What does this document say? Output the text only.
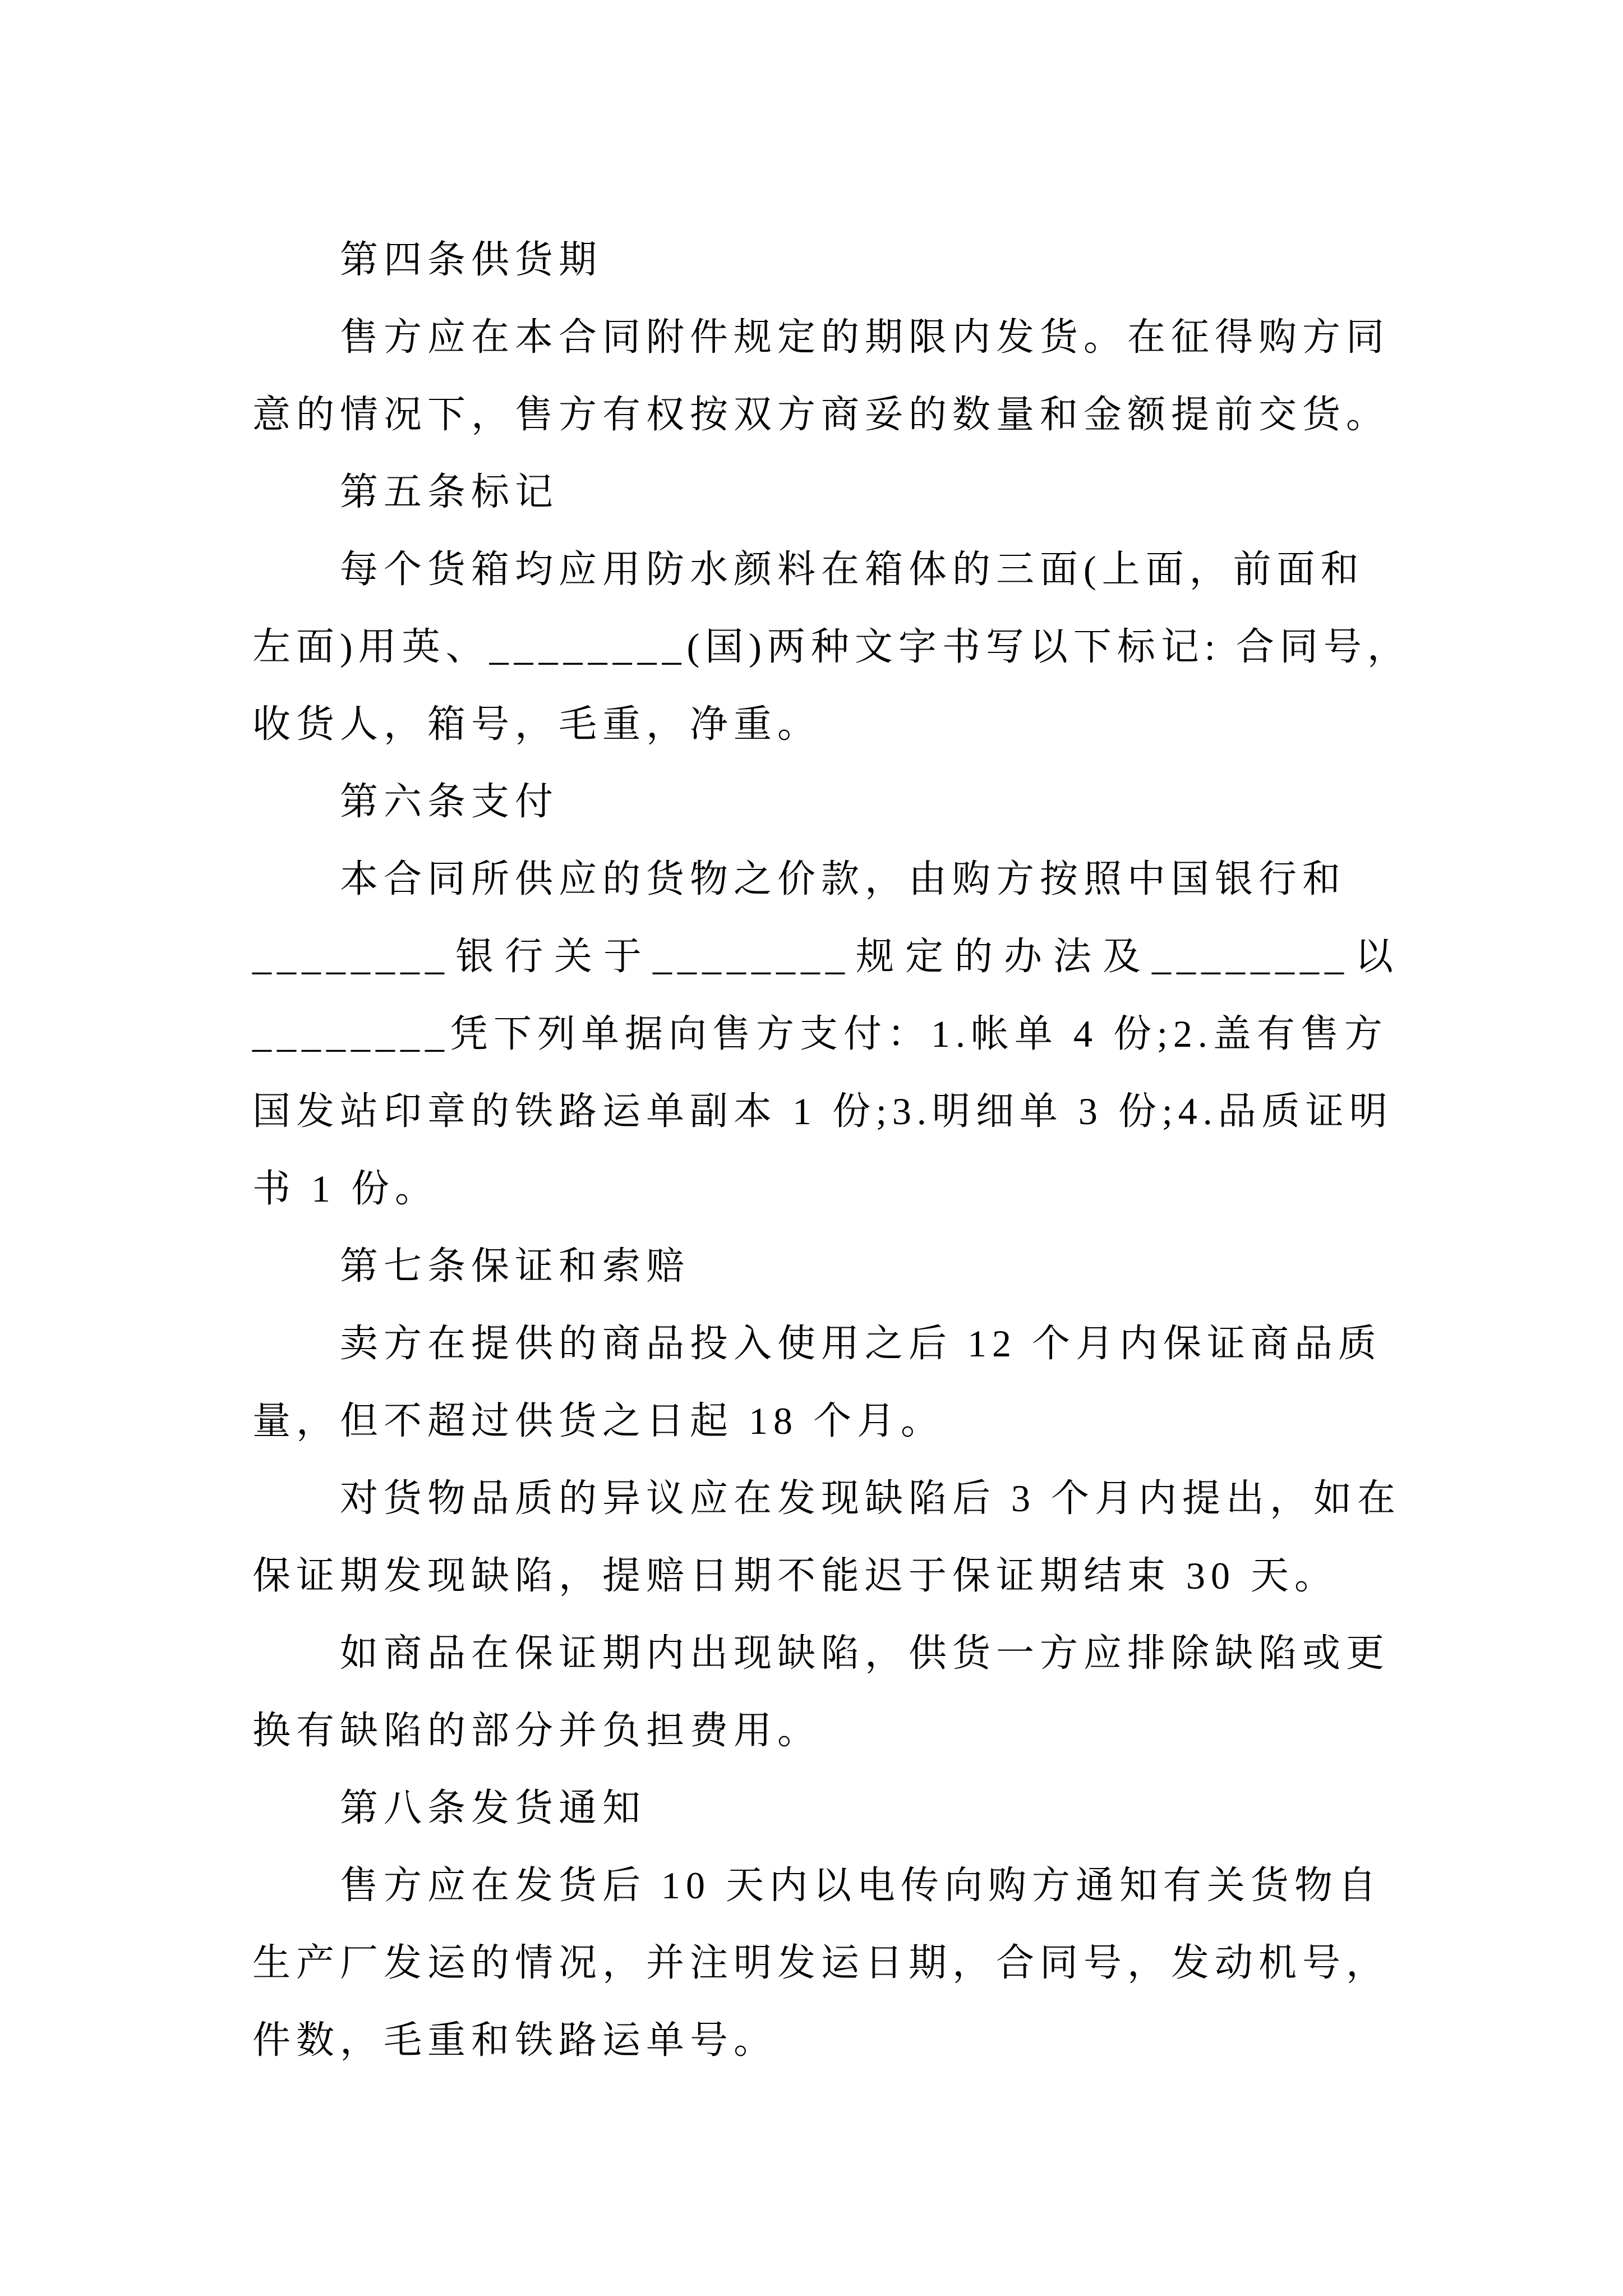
第四条供货期
售方应在本合同附件规定的期限内发货。在征得购方同
意的情况下，售方有权按双方商妥的数量和金额提前交货。
第五条标记
每个货箱均应用防水颜料在箱体的三面(上面，前面和
左面)用英、________(国)两种文字书写以下标记: 合同号，
收货人，箱号，毛重，净重。
第六条支付
本合同所供应的货物之价款，由购方按照中国银行和
________银行关于________规定的办法及________以
________凭下列单据向售方支付：1.帐单 4 份;2.盖有售方
国发站印章的铁路运单副本 1 份;3.明细单 3 份;4.品质证明
书 1 份。
第七条保证和索赔
卖方在提供的商品投入使用之后 12 个月内保证商品质
量，但不超过供货之日起 18 个月。
对货物品质的异议应在发现缺陷后 3 个月内提出，如在
保证期发现缺陷，提赔日期不能迟于保证期结束 30 天。
如商品在保证期内出现缺陷，供货一方应排除缺陷或更
换有缺陷的部分并负担费用。
第八条发货通知
售方应在发货后 10 天内以电传向购方通知有关货物自
生产厂发运的情况，并注明发运日期，合同号，发动机号，
件数，毛重和铁路运单号。
